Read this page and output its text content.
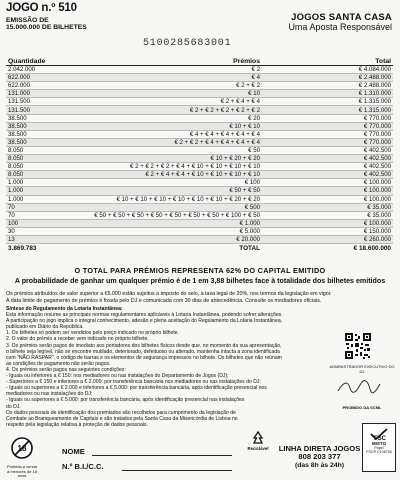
JOGO n.º 510
EMISSÃO DE
15.000.000 DE BILHETES
JOGOS SANTA CASA
Uma Aposta Responsável
5100285683001
Quantidade	Prémios	Total
2.042.000	€ 2	€ 4.084.000
622.000	€ 4	€ 2.488.000
622.000	€ 2 + € 2	€ 2.488.000
131.000	€ 10	€ 1.310.000
131.500	€ 2 + € 4 + € 4	€ 1.315.000
131.500	€ 2 + € 2 + € 2 + € 2 + € 2	€ 1.315.000
38.500	€ 20	€ 770.000
38.500	€ 10 + € 10	€ 770.000
38.500	€ 4 + € 4 + € 4 + € 4 + € 4	€ 770.000
38.500	€ 2 + € 2 + € 4 + € 4 + € 4 + € 4	€ 770.000
8.050	€ 50	€ 402.500
8.050	€ 10 + € 20 + € 20	€ 402.500
8.050	€ 2 + € 2 + € 2 + € 4 + € 10 + € 10 + € 10 + € 10	€ 402.500
8.050	€ 2 + € 4 + € 4 + € 10 + € 10 + € 10 + € 10	€ 402.500
1.000	€ 100	€ 100.000
1.000	€ 50 + € 50	€ 100.000
1.000	€ 10 + € 10 + € 10 + € 10 + € 10 + € 10 + € 20 + € 20	€ 100.000
70	€ 500	€ 35.000
70	€ 50 + € 50 + € 50 + € 50 + € 50 + € 50 + € 50 + € 100 + € 50	€ 35.000
100	€ 1.000	€ 100.000
30	€ 5.000	€ 150.000
13	€ 20.000	€ 260.000
3.869.783	TOTAL	€ 18.600.000
O TOTAL PARA PRÉMIOS REPRESENTA 62% DO CAPITAL EMITIDO
A probabilidade de ganhar um qualquer prémio é de 1 em 3,88 bilhetes face à totalidade dos bilhetes emitidos
Os prémios atribuídos de valor superior a €5.000 estão sujeitos a imposto do selo, à taxa legal de 20%, nos termos da legislação em vigor.
A data limite de pagamento de prémios é fixada pelo DJ e comunicada com 30 dias de antecedência. Consulte os mediadores oficiais.

Síntese do Regulamento da Lotaria Instantânea:

Esta informação resume as principais normas regulamentares aplicáveis à Lotaria Instantânea, podendo sofrer alterações.

A participação no jogo implica o integral conhecimento, adesão e plena aceitação do Regulamento da Lotaria Instantânea,

publicado em Diário da República.

1. Os bilhetes só podem ser vendidos pelo preço indicado no próprio bilhete.

2. O valor do prémio a receber vem indicado no próprio bilhete.

3. Os prémios serão pagos de imediato aos portadores dos bilhetes físicos desde que, no momento da sua apresentação,

o bilhete seja legível, não se encontre mutilado, deteriorado, defeituoso ou alterado, mantenha intacta a zona identificada

com "NÃO RASPAR", o código de barras e os elementos de segurança impressos no bilhete. Os bilhetes que não reúnam

as condições de pagamento não serão pagos.

4. Os prémios serão pagos nas seguintes condições:

- Iguais ou inferiores a € 150: nos mediadores ou nas instalações do Departamento de Jogos (DJ);

- Superiores a € 150 e inferiores a € 2.000: por transferência bancária nos mediadores ou nas instalações do DJ;

- Iguais ou superiores a € 2.000 e inferiores a € 5.000: por transferência bancária, após identificação presencial nos

mediadores ou nas instalações do DJ;

- Iguais ou superiores a € 5.000: por transferência bancária, após identificação presencial nas instalações

do DJ.

Os dados pessoais de identificação dos premiados são recolhidos para cumprimento da legislação de

Combate ao Branqueamento de Capitais e são tratados pela Santa Casa da Misericórdia de Lisboa no

respeito pela legislação relativa à proteção de dados pessoais.

ADMINISTRADOR EXECUTIVO DO DJ
PROIBIDO DA SCML
18
Proibida a venda a menores de 18 anos
NOME
N.º B.I./C.C.
Reciclável	LINHA DIRETA JOGOS
808 203 377
(das 8h às 24h)
FSC
MISTO
Papel
FSC® C108706
